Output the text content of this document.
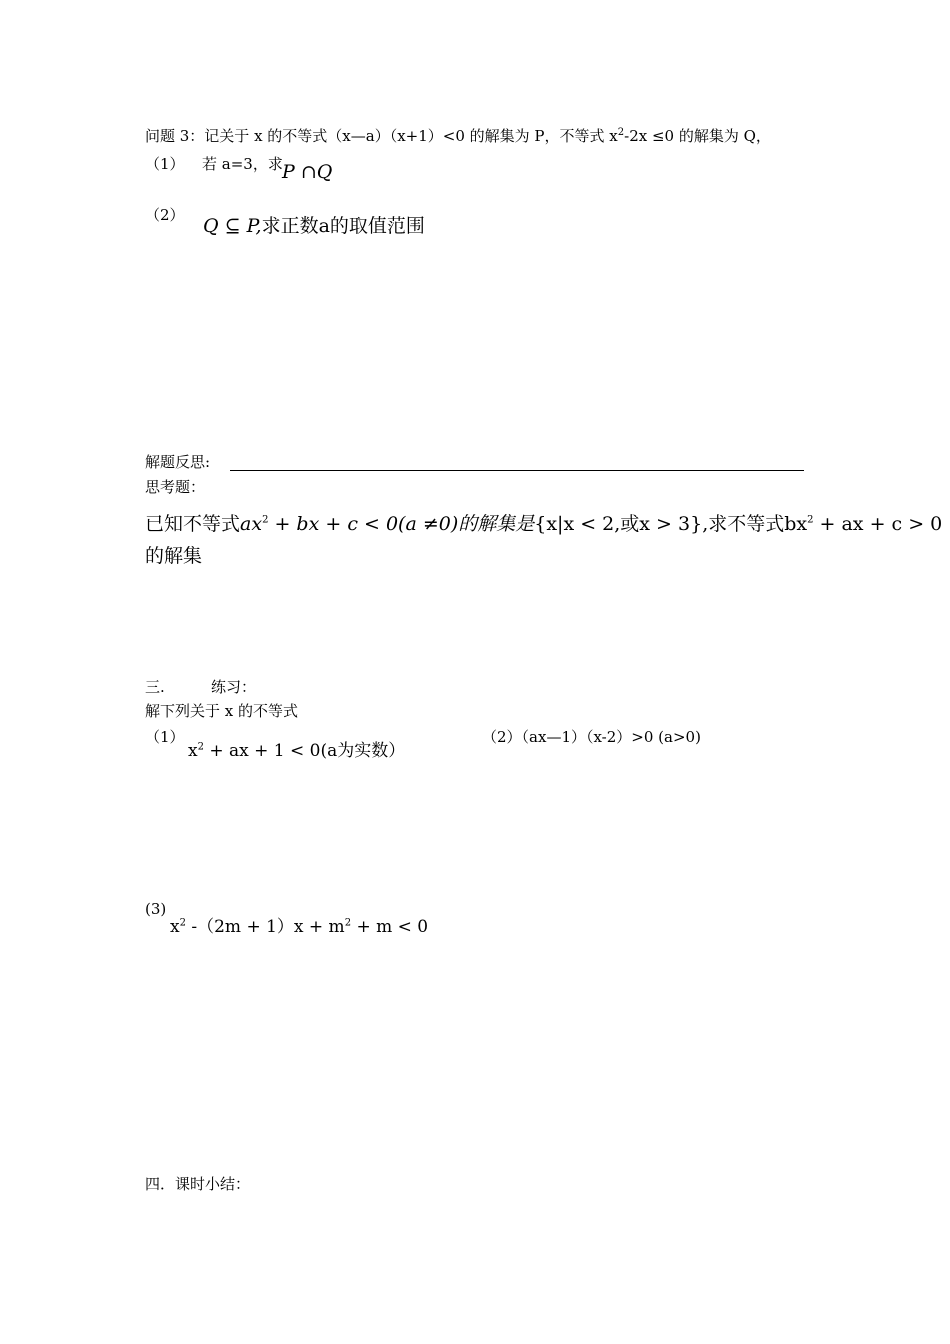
问题 3：记关于 x 的不等式（x—a）（x+1）<0 的解集为 P，不等式 $x^2-2x \le 0$ 的解集为 Q，
（1） 若 a=3，求 P ∩Q
（2） Q ⊆ P,求正数a的取值范围
解题反思:
思考题：
已知不等式$ax^2$ + bx + c < 0(a ≠0)的解集是{x|x < 2,或x > 3},求不等式$bx^2$ + ax + c > 0
的解集
三.	练习：
解下列关于 x 的不等式
（1）
$x^2$ + ax + 1 < 0(a为实数）
（2）（ax—1）（x-2）>0 (a>0)
(3)
$x^2$ $-(2m + 1)x + m^2 + m < 0$
四．课时小结：
